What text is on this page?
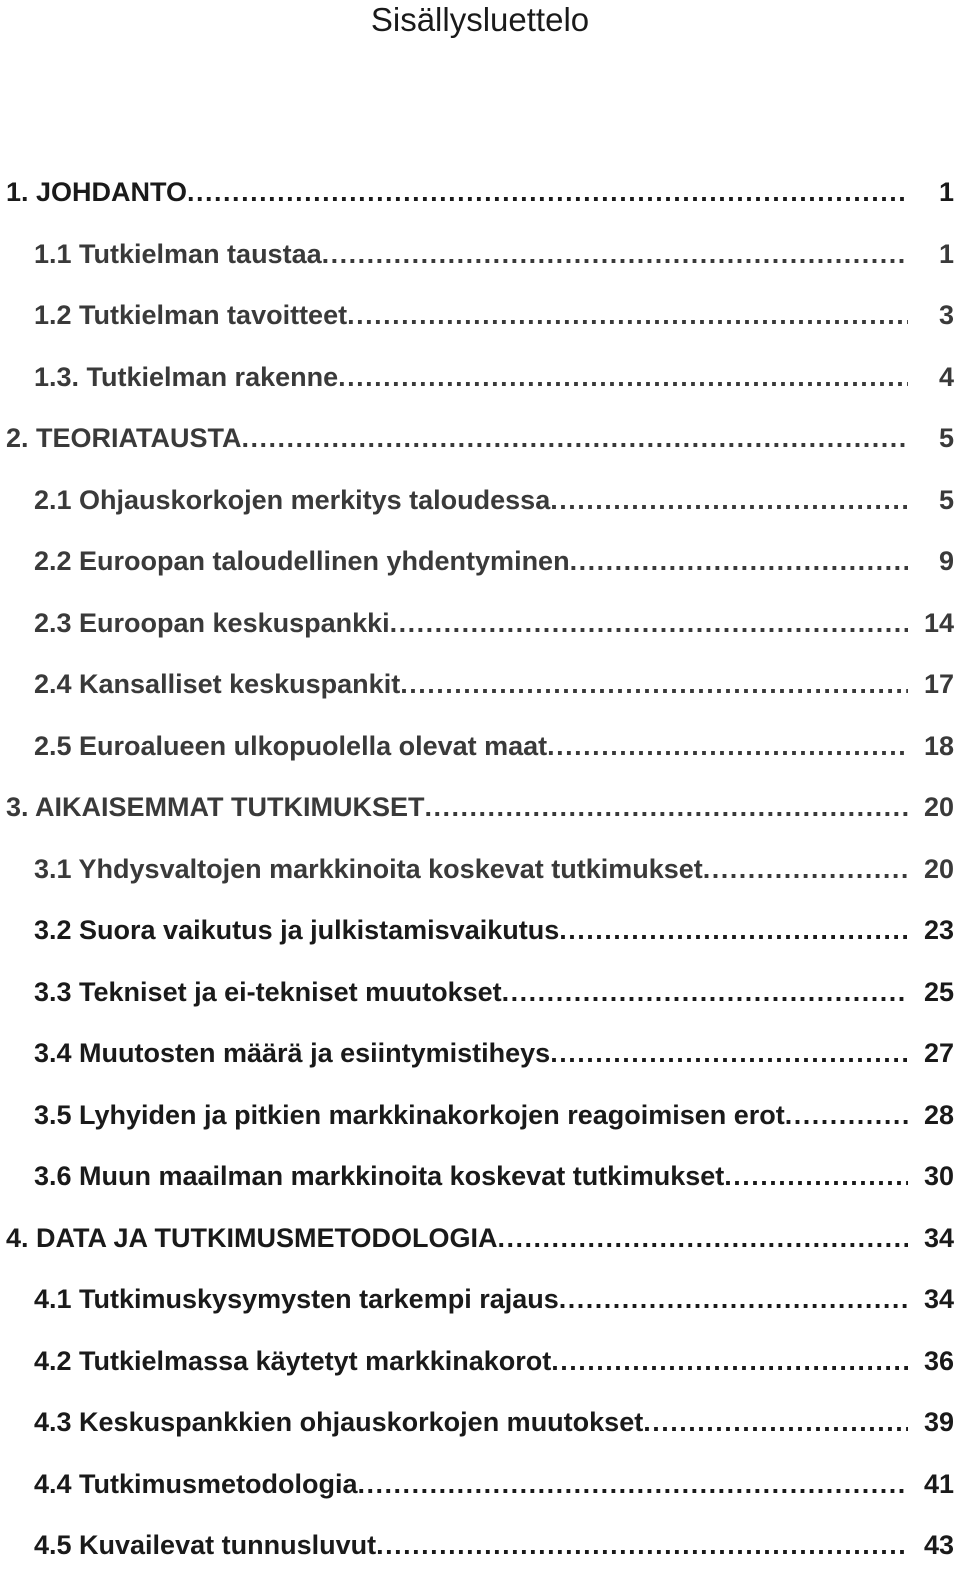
Sisällysluettelo
1. JOHDANTO . . .	1
1.1 Tutkielman taustaa . . .	1
1.2 Tutkielman tavoitteet . . .	3
1.3. Tutkielman rakenne . . .	4
2. TEORIATAUSTA . . .	5
2.1 Ohjauskorkojen merkitys taloudessa . . .	5
2.2 Euroopan taloudellinen yhdentyminen . . .	9
2.3 Euroopan keskuspankki . . .	14
2.4 Kansalliset keskuspankit . . .	17
2.5 Euroalueen ulkopuolella olevat maat . . .	18
3. AIKAISEMMAT TUTKIMUKSET . . .	20
3.1 Yhdysvaltojen markkinoita koskevat tutkimukset . . .	20
3.2 Suora vaikutus ja julkistamisvaikutus . . .	23
3.3 Tekniset ja ei-tekniset muutokset . . .	25
3.4 Muutosten määrä ja esiintymistiheys . . .	27
3.5 Lyhyiden ja pitkien markkinakorkojen reagoimisen erot . . .	28
3.6 Muun maailman markkinoita koskevat tutkimukset . . .	30
4. DATA JA TUTKIMUSMETODOLOGIA . . .	34
4.1 Tutkimuskysymysten tarkempi rajaus . . .	34
4.2 Tutkielmassa käytetyt markkinakorot . . .	36
4.3 Keskuspankkien ohjauskorkojen muutokset . . .	39
4.4 Tutkimusmetodologia . . .	41
4.5 Kuvailevat tunnusluvut . . .	43
